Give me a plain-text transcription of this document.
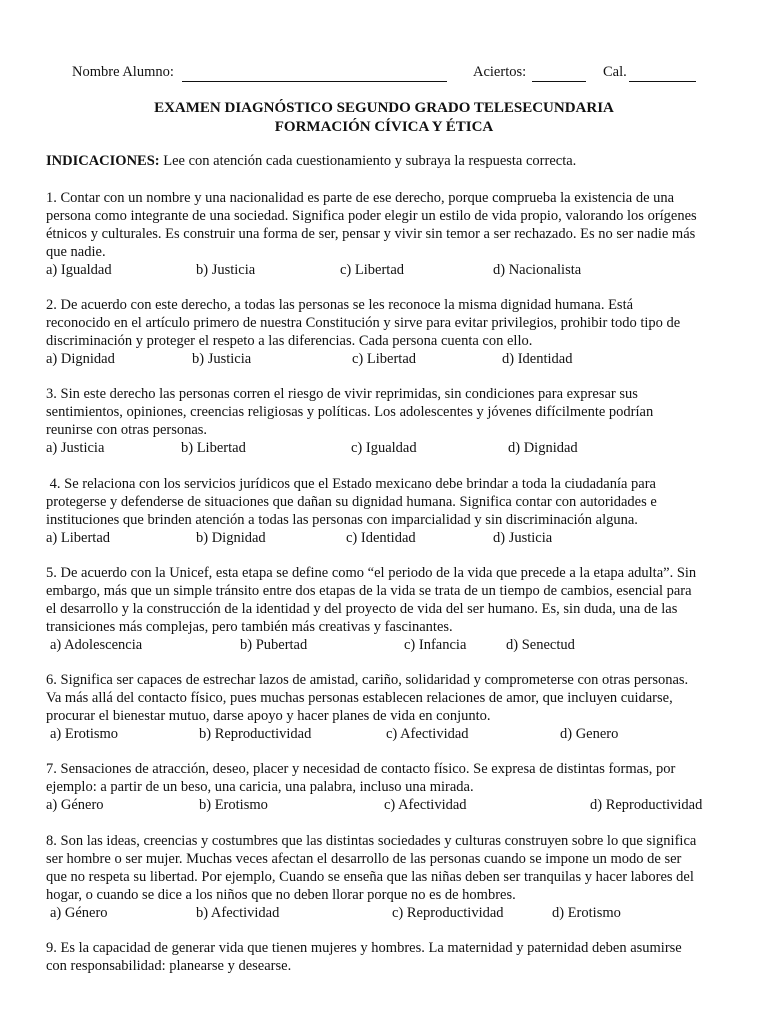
Nombre Alumno:	Aciertos:	Cal.
EXAMEN DIAGNÓSTICO SEGUNDO GRADO TELESECUNDARIA
FORMACIÓN CÍVICA Y ÉTICA
INDICACIONES: Lee con atención cada cuestionamiento y subraya la respuesta correcta.
1. Contar con un nombre y una nacionalidad es parte de ese derecho, porque comprueba la existencia de una
persona como integrante de una sociedad. Significa poder elegir un estilo de vida propio, valorando los orígenes
étnicos y culturales. Es construir una forma de ser, pensar y vivir sin temor a ser rechazado. Es no ser nadie más
que nadie.
a) Igualdad	b) Justicia	c) Libertad	d) Nacionalista
2. De acuerdo con este derecho, a todas las personas se les reconoce la misma dignidad humana. Está
reconocido en el artículo primero de nuestra Constitución y sirve para evitar privilegios, prohibir todo tipo de
discriminación y proteger el respeto a las diferencias. Cada persona cuenta con ello.
a) Dignidad	b) Justicia	c) Libertad	d) Identidad
3. Sin este derecho las personas corren el riesgo de vivir reprimidas, sin condiciones para expresar sus
sentimientos, opiniones, creencias religiosas y políticas. Los adolescentes y jóvenes difícilmente podrían
reunirse con otras personas.
a) Justicia	b) Libertad	c) Igualdad	d) Dignidad
4. Se relaciona con los servicios jurídicos que el Estado mexicano debe brindar a toda la ciudadanía para
protegerse y defenderse de situaciones que dañan su dignidad humana. Significa contar con autoridades e
instituciones que brinden atención a todas las personas con imparcialidad y sin discriminación alguna.
a) Libertad	b) Dignidad	c) Identidad	d) Justicia
5. De acuerdo con la Unicef, esta etapa se define como “el periodo de la vida que precede a la etapa adulta”. Sin
embargo, más que un simple tránsito entre dos etapas de la vida se trata de un tiempo de cambios, esencial para
el desarrollo y la construcción de la identidad y del proyecto de vida del ser humano. Es, sin duda, una de las
transiciones más complejas, pero también más creativas y fascinantes.
a) Adolescencia	b) Pubertad	c) Infancia	d) Senectud
6. Significa ser capaces de estrechar lazos de amistad, cariño, solidaridad y comprometerse con otras personas.
Va más allá del contacto físico, pues muchas personas establecen relaciones de amor, que incluyen cuidarse,
procurar el bienestar mutuo, darse apoyo y hacer planes de vida en conjunto.
a) Erotismo	b) Reproductividad	c) Afectividad	d) Genero
7. Sensaciones de atracción, deseo, placer y necesidad de contacto físico. Se expresa de distintas formas, por
ejemplo: a partir de un beso, una caricia, una palabra, incluso una mirada.
a) Género	b) Erotismo	c) Afectividad	d) Reproductividad
8. Son las ideas, creencias y costumbres que las distintas sociedades y culturas construyen sobre lo que significa
ser hombre o ser mujer. Muchas veces afectan el desarrollo de las personas cuando se impone un modo de ser
que no respeta su libertad. Por ejemplo, Cuando se enseña que las niñas deben ser tranquilas y hacer labores del
hogar, o cuando se dice a los niños que no deben llorar porque no es de hombres.
a) Género	b) Afectividad	c) Reproductividad	d) Erotismo
9. Es la capacidad de generar vida que tienen mujeres y hombres. La maternidad y paternidad deben asumirse
con responsabilidad: planearse y desearse.
